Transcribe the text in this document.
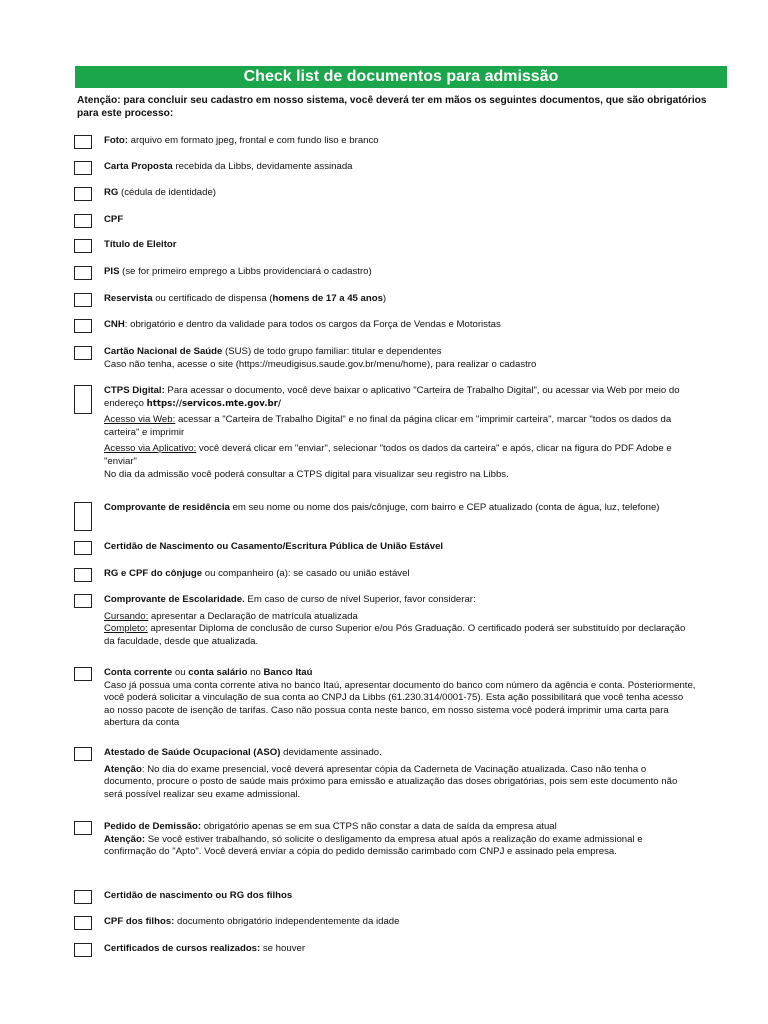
Check list de documentos para admissão
Atenção: para concluir seu cadastro em nosso sistema, você deverá ter em mãos os seguintes documentos, que são obrigatórios para este processo:

Foto: arquivo em formato jpeg, frontal e com fundo liso e branco

Carta Proposta recebida da Libbs, devidamente assinada

RG (cédula de identidade)

CPF

Título de Eleitor

PIS (se for primeiro emprego a Libbs providenciará o cadastro)

Reservista ou certificado de dispensa (homens de 17 a 45 anos)

CNH: obrigatório e dentro da validade para todos os cargos da Força de Vendas e Motoristas

Cartão Nacional de Saúde (SUS) de todo grupo familiar: titular e dependentes

Caso não tenha, acesse o site (https://meudigisus.saude.gov.br/menu/home), para realizar o cadastro

CTPS Digital: Para acessar o documento, você deve baixar o aplicativo "Carteira de Trabalho Digital", ou acessar via Web por meio do endereço https://servicos.mte.gov.br/

Acesso via Web: acessar a "Carteira de Trabalho Digital" e no final da página clicar em "imprimir carteira", marcar "todos os dados da carteira" e imprimir

Acesso via Aplicativo: você deverá clicar em "enviar", selecionar "todos os dados da carteira" e após, clicar na figura do PDF Adobe e "enviar"

No dia da admissão você poderá consultar a CTPS digital para visualizar seu registro na Libbs.

Comprovante de residência em seu nome ou nome dos pais/cônjuge, com bairro e CEP atualizado (conta de água, luz, telefone)

Certidão de Nascimento ou Casamento/Escritura Pública de União Estável

RG e CPF do cônjuge ou companheiro (a): se casado ou união estável

Comprovante de Escolaridade. Em caso de curso de nível Superior, favor considerar:

Cursando: apresentar a Declaração de matrícula atualizada

Completo: apresentar Diploma de conclusão de curso Superior e/ou Pós Graduação. O certificado poderá ser substituído por declaração da faculdade, desde que atualizada.

Conta corrente ou conta salário no Banco Itaú

Caso já possua uma conta corrente ativa no banco Itaú, apresentar documento do banco com número da agência e conta. Posteriormente, você poderá solicitar a vinculação de sua conta ao CNPJ da Libbs (61.230.314/0001-75). Esta ação possibilitará que você tenha acesso ao nosso pacote de isenção de tarifas. Caso não possua conta neste banco, em nosso sistema você poderá imprimir uma carta para abertura da conta

Atestado de Saúde Ocupacional (ASO) devidamente assinado.

Atenção: No dia do exame presencial, você deverá apresentar cópia da Caderneta de Vacinação atualizada. Caso não tenha o documento, procure o posto de saúde mais próximo para emissão e atualização das doses obrigatórias, pois sem este documento não será possível realizar seu exame admissional.

Pedido de Demissão: obrigatório apenas se em sua CTPS não constar a data de saída da empresa atual

Atenção: Se você estiver trabalhando, só solicite o desligamento da empresa atual após a realização do exame admissional e confirmação do "Apto". Você deverá enviar a cópia do pedido demissão carimbado com CNPJ e assinado pela empresa.

Certidão de nascimento ou RG dos filhos

CPF dos filhos: documento obrigatório independentemente da idade

Certificados de cursos realizados: se houver
